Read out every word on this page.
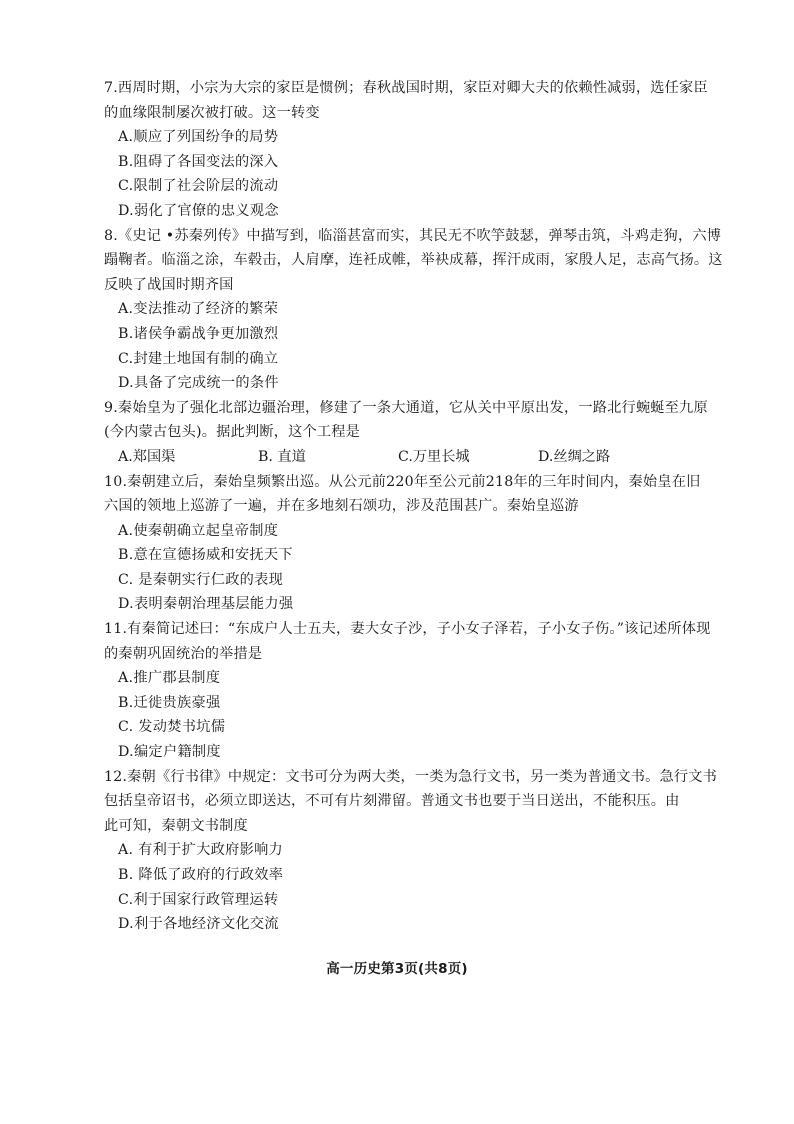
7.西周时期，小宗为大宗的家臣是惯例；春秋战国时期，家臣对卿大夫的依赖性减弱，选任家臣
的血缘限制屡次被打破。这一转变
A.顺应了列国纷争的局势
B.阻碍了各国变法的深入
C.限制了社会阶层的流动
D.弱化了官僚的忠义观念
8.《史记 •苏秦列传》中描写到，临淄甚富而实，其民无不吹竽鼓瑟，弹琴击筑，斗鸡走狗，六博
蹋鞠者。临淄之涂，车毂击，人肩摩，连衽成帷，举袂成幕，挥汗成雨，家殷人足，志高气扬。这
反映了战国时期齐国
A.变法推动了经济的繁荣
B.诸侯争霸战争更加激烈
C.封建土地国有制的确立
D.具备了完成统一的条件
9.秦始皇为了强化北部边疆治理，修建了一条大通道，它从关中平原出发，一路北行蜿蜒至九原
(今内蒙古包头)。据此判断，这个工程是
A.郑国渠	B. 直道	C.万里长城	D.丝绸之路
10.秦朝建立后，秦始皇频繁出巡。从公元前220年至公元前218年的三年时间内，秦始皇在旧
六国的领地上巡游了一遍，并在多地刻石颂功，涉及范围甚广。秦始皇巡游
A.使秦朝确立起皇帝制度
B.意在宣德扬威和安抚天下
C. 是秦朝实行仁政的表现
D.表明秦朝治理基层能力强
11.有秦简记述曰：“东成户人士五夫，妻大女子沙，子小女子泽若，子小女子伤。”该记述所体现
的秦朝巩固统治的举措是
A.推广郡县制度
B.迁徙贵族豪强
C. 发动焚书坑儒
D.编定户籍制度
12.秦朝《行书律》中规定：文书可分为两大类，一类为急行文书，另一类为普通文书。急行文书
包括皇帝诏书，必须立即送达，不可有片刻滞留。普通文书也要于当日送出，不能积压。由
此可知，秦朝文书制度
A. 有利于扩大政府影响力
B. 降低了政府的行政效率
C.利于国家行政管理运转
D.利于各地经济文化交流
高一历史第3页(共8页)
